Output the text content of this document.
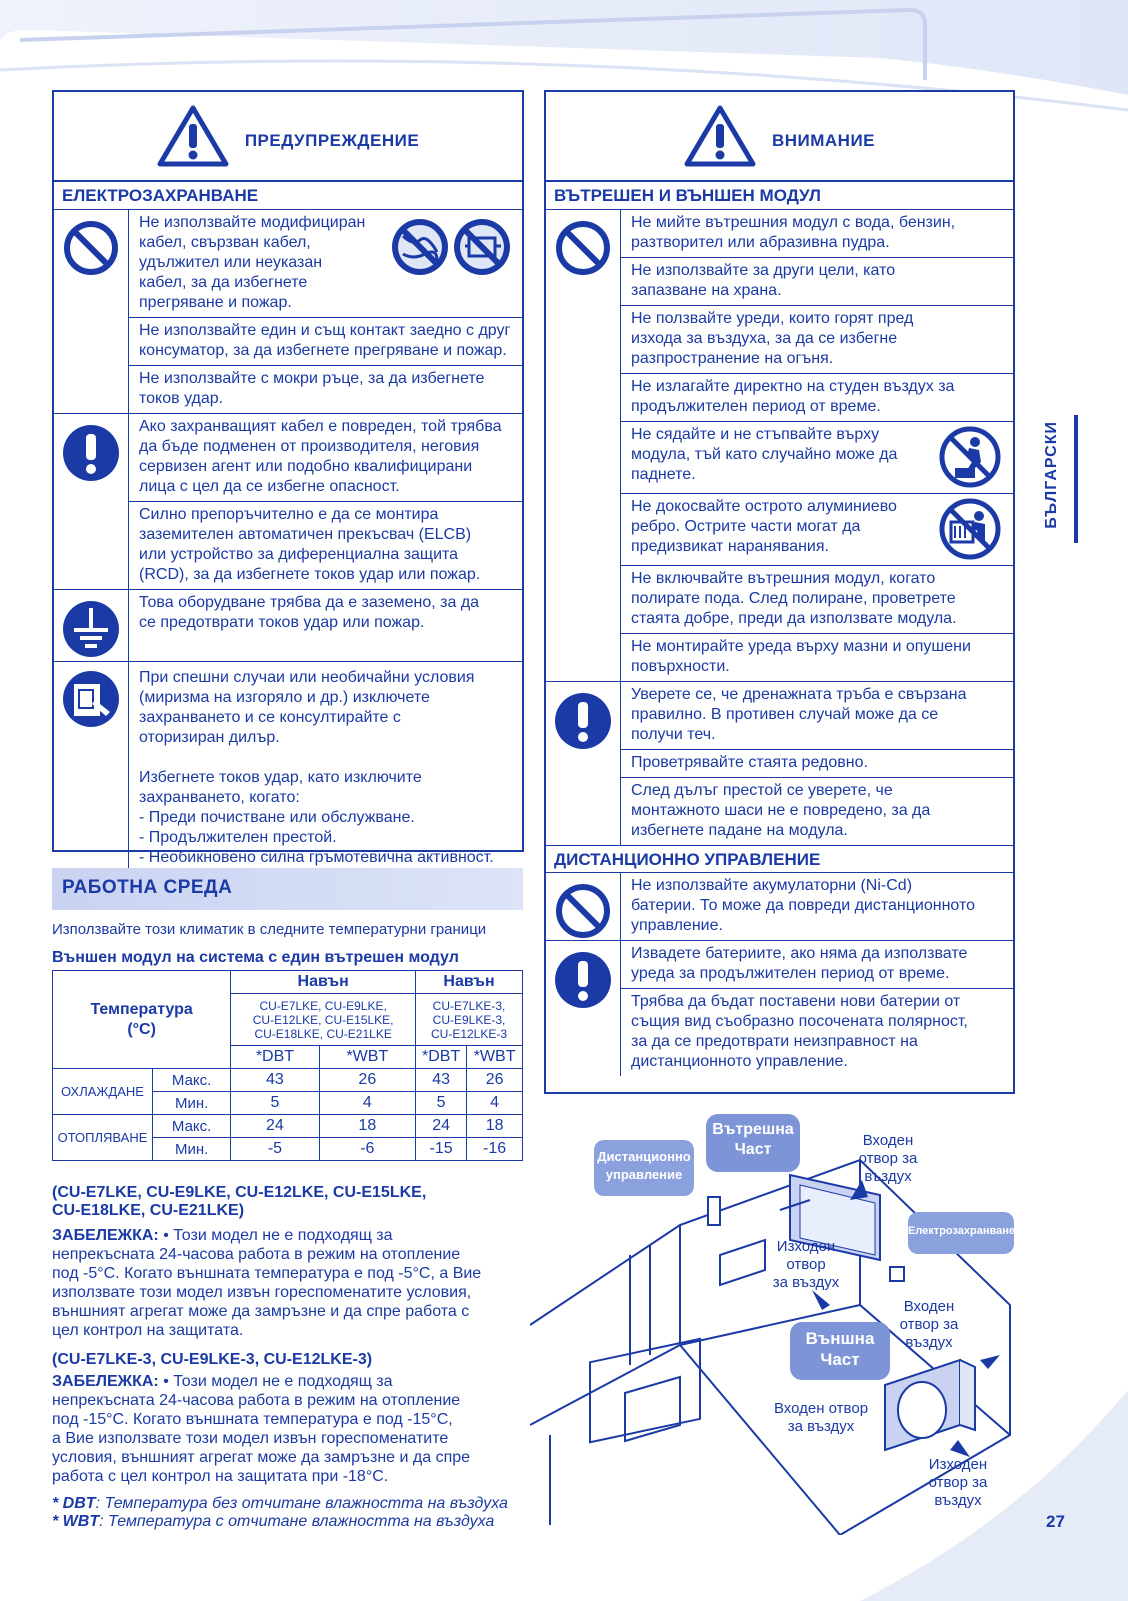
ПРЕДУПРЕЖДЕНИЕ
ЕЛЕКТРОЗАХРАНВАНЕ
Не използвайте модифициран
кабел, свързван кабел,
удължител или неуказан
кабел, за да избегнете
прегряване и пожар.
Не използвайте един и същ контакт заедно с друг
консуматор, за да избегнете прегряване и пожар.
Не използвайте с мокри ръце, за да избегнете
токов удар.
Ако захранващият кабел е повреден, той трябва
да бъде подменен от производителя, неговия
сервизен агент или подобно квалифицирани
лица с цел да се избегне опасност.
Силно препоръчително е да се монтира
заземителен автоматичен прекъсвач (ELCB)
или устройство за диференциална защита
(RCD), за да избегнете токов удар или пожар.
Това оборудване трябва да е заземено, за да
се предотврати токов удар или пожар.
При спешни случаи или необичайни условия
(миризма на изгоряло и др.) изключете
захранването и се консултирайте с
оторизиран дилър.

Избегнете токов удар, като изключите
захранването, когато:
- Преди почистване или обслужване.
- Продължителен престой.
- Необикновено силна гръмотевична активност.
ВНИМАНИЕ
ВЪТРЕШЕН И ВЪНШЕН МОДУЛ
Не мийте вътрешния модул с вода, бензин,
разтворител или абразивна пудра.
Не използвайте за други цели, като
запазване на храна.
Не ползвайте уреди, които горят пред
изхода за въздуха, за да се избегне
разпространение на огъня.
Не излагайте директно на студен въздух за
продължителен период от време.
Не сядайте и не стъпвайте върху
модула, тъй като случайно може да
паднете.
Не докосвайте острото алуминиево
ребро. Острите части могат да
предизвикат наранявания.
Не включвайте вътрешния модул, когато
полирате пода. След полиране, проветрете
стаята добре, преди да използвате модула.
Не монтирайте уреда върху мазни и опушени
повърхности.
Уверете се, че дренажната тръба е свързана
правилно. В противен случай може да се
получи теч.
Проветрявайте стаята редовно.
След дълъг престой се уверете, че
монтажното шаси не е повредено, за да
избегнете падане на модула.
ДИСТАНЦИОННО УПРАВЛЕНИЕ
Не използвайте акумулаторни (Ni-Cd)
батерии. То може да повреди дистанционното
управление.
Извадете батериите, ако няма да използвате
уреда за продължителен период от време.
Трябва да бъдат поставени нови батерии от
същия вид съобразно посочената полярност,
за да се предотврати неизправност на
дистанционното управление.
БЪЛГАРСКИ
РАБОТНА СРЕДА
Използвайте този климатик в следните температурни граници
Външен модул на система с един вътрешен модул
Температура
(°C)		Навън		Навън	
		CU-E7LKE, CU-E9LKE,
CU-E12LKE, CU-E15LKE,
CU-E18LKE, CU-E21LKE		CU-E7LKE-3,
CU-E9LKE-3,
CU-E12LKE-3	
		*DBT	*WBT	*DBT	*WBT
ОХЛАЖДАНЕ	Макс.	43	26	43	26
	Мин.	5	4	5	4
ОТОПЛЯВАНЕ	Макс.	24	18	24	18
	Мин.	-5	-6	-15	-16
(CU-E7LKE, CU-E9LKE, CU-E12LKE, CU-E15LKE,
CU-E18LKE, CU-E21LKE)
ЗАБЕЛЕЖКА: • Този модел не е подходящ за
непрекъсната 24-часова работа в режим на отопление
под -5°C. Когато външната температура е под -5°C, а Вие
използвате този модел извън гореспоменатите условия,
външният агрегат може да замръзне и да спре работа с
цел контрол на защитата.
(CU-E7LKE-3, CU-E9LKE-3, CU-E12LKE-3)
ЗАБЕЛЕЖКА: • Този модел не е подходящ за
непрекъсната 24-часова работа в режим на отопление
под -15°C. Когато външната температура е под -15°C,
а Вие използвате този модел извън гореспоменатите
условия, външният агрегат може да замръзне и да спре
работа с цел контрол на защитата при -18°C.
* DBT: Температура без отчитане влажността на въздуха
* WBT: Температура с отчитане влажността на въздуха
Вътрешна
Част
Дистанционно
управление
Електрозахранване
Външна
Част
Входен
отвор за
въздух
Изходен
отвор
за въздух
Входен
отвор за
въздух
Входен отвор
за въздух
Изходен
отвор за
въздух
27
